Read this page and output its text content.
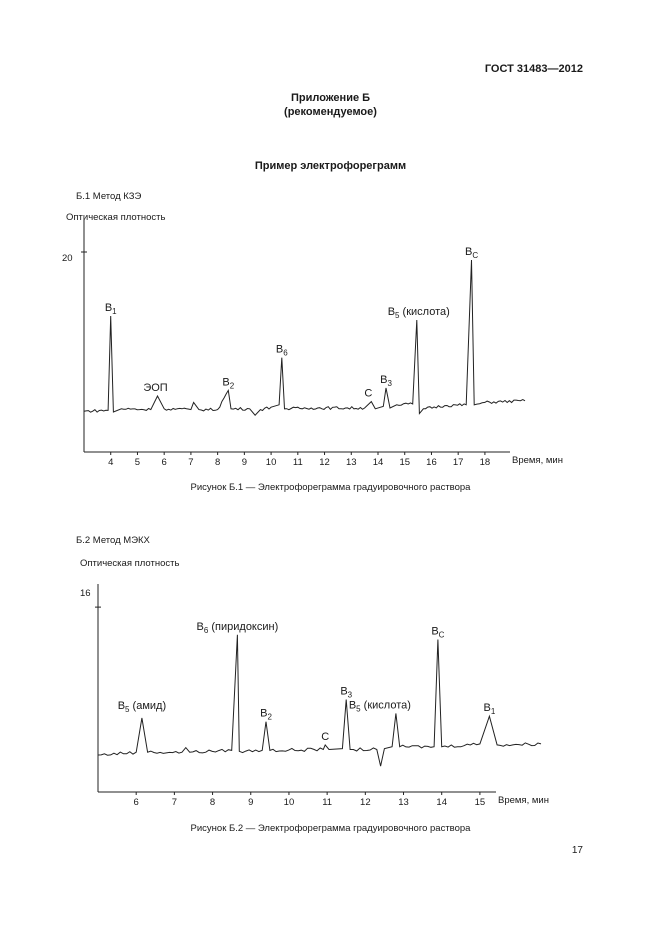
ГОСТ 31483—2012
Приложение Б
(рекомендуемое)
Пример электрофореграмм
Б.1 Метод КЗЭ
Оптическая плотность
20
4 5 6 7 8 9 10 11 12 13 14 15 16 17 18
$B_1$
ЭОП	$B_2$
$B_6$
C
$B_3$
$B_5$ (кислота)
$B_C$
Время, мин
Рисунок Б.1 — Электрофореграмма градуировочного раствора
Б.2 Метод МЭКХ
Оптическая плотность
16
6	7	8	9	10	11	12	13	14	15
$B_5$ (амид)
$B_6$ (пиридоксин)
$B_2$
C
$B_3$
$B_5$ (кислота)
$B_C$
$B_1$
Время, мин
Рисунок Б.2 — Электрофореграмма градуировочного раствора
17
